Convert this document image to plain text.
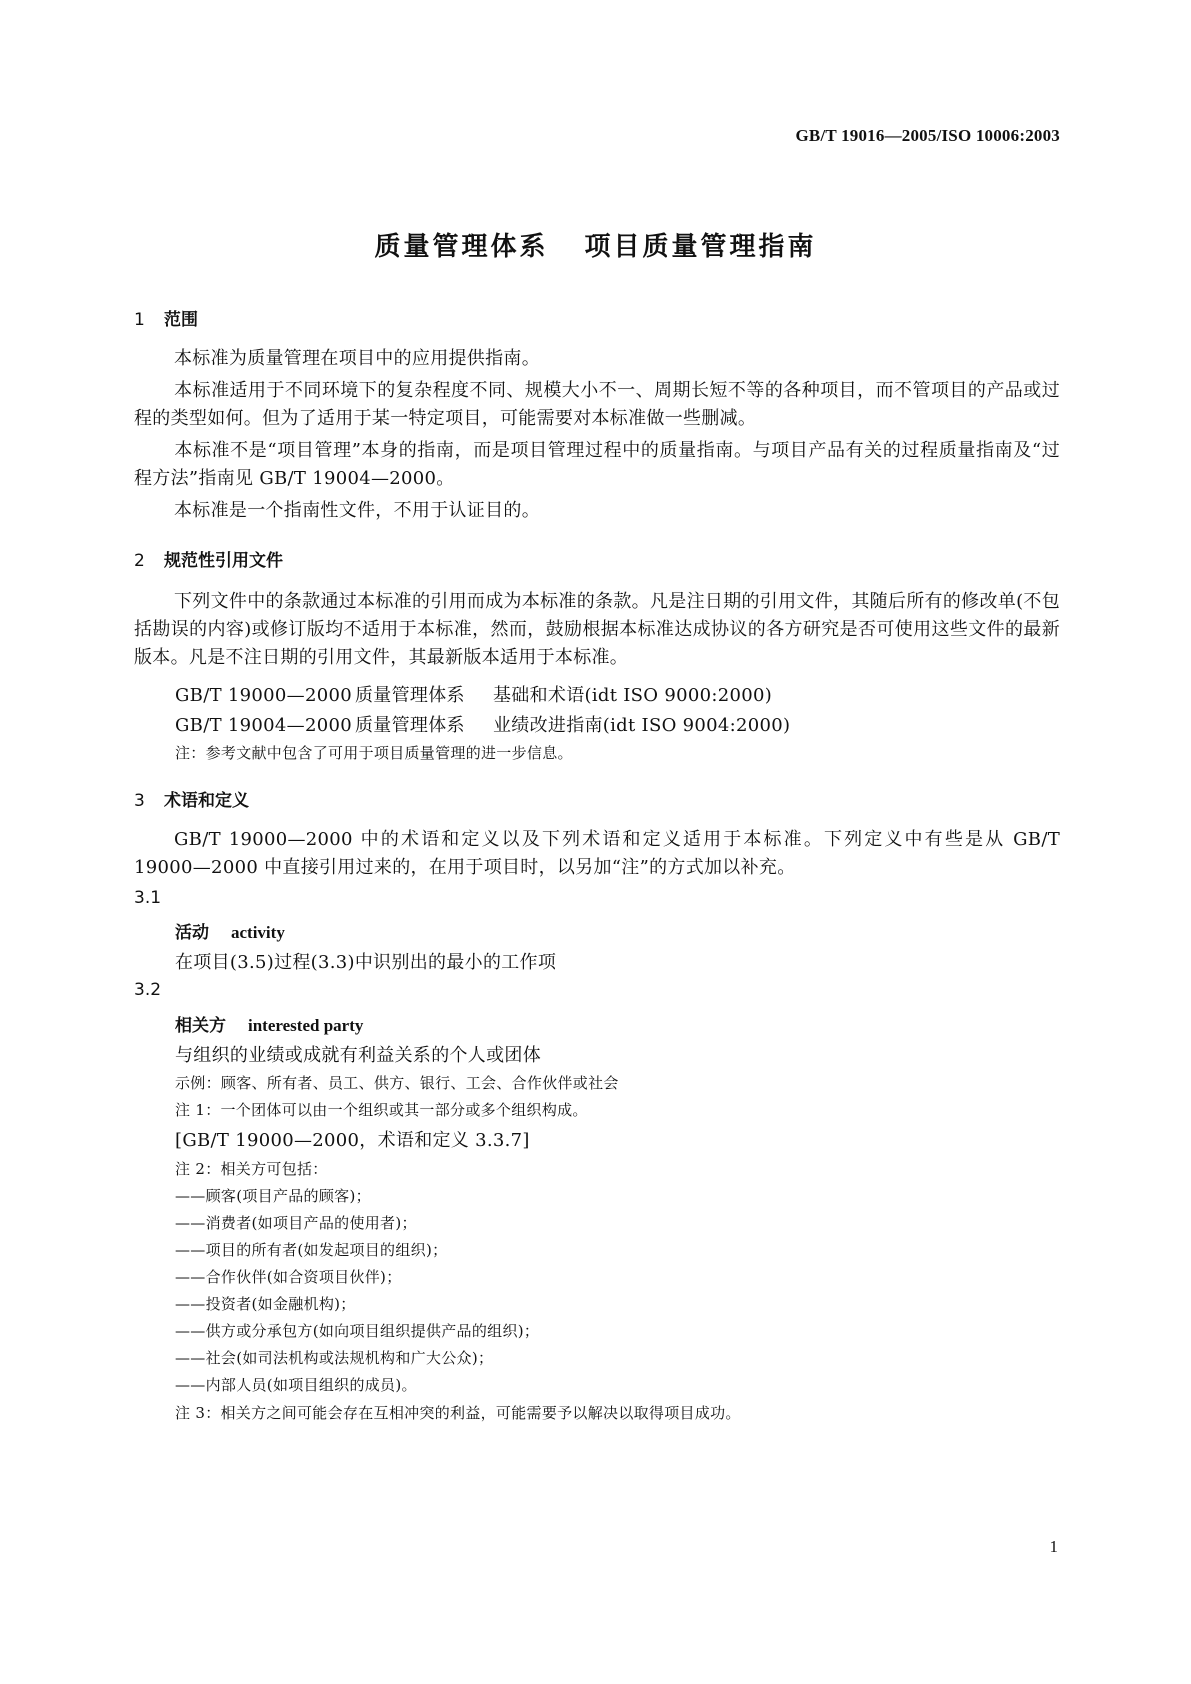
GB/T 19016—2005/ISO 10006:2003
质量管理体系 项目质量管理指南
1 范围
本标准为质量管理在项目中的应用提供指南。
本标准适用于不同环境下的复杂程度不同、规模大小不一、周期长短不等的各种项目，而不管项目的产品或过程的类型如何。但为了适用于某一特定项目，可能需要对本标准做一些删减。
本标准不是“项目管理”本身的指南，而是项目管理过程中的质量指南。与项目产品有关的过程质量指南及“过程方法”指南见 GB/T 19004—2000。
本标准是一个指南性文件，不用于认证目的。
2 规范性引用文件
下列文件中的条款通过本标准的引用而成为本标准的条款。凡是注日期的引用文件，其随后所有的修改单(不包括勘误的内容)或修订版均不适用于本标准，然而，鼓励根据本标准达成协议的各方研究是否可使用这些文件的最新版本。凡是不注日期的引用文件，其最新版本适用于本标准。
GB/T 19000—2000 质量管理体系 基础和术语(idt ISO 9000:2000)
GB/T 19004—2000 质量管理体系 业绩改进指南(idt ISO 9004:2000)
注：参考文献中包含了可用于项目质量管理的进一步信息。
3 术语和定义
GB/T 19000—2000 中的术语和定义以及下列术语和定义适用于本标准。下列定义中有些是从 GB/T 19000—2000 中直接引用过来的，在用于项目时，以另加“注”的方式加以补充。
3.1
活动 activity
在项目(3.5)过程(3.3)中识别出的最小的工作项
3.2
相关方 interested party
与组织的业绩或成就有利益关系的个人或团体
示例：顾客、所有者、员工、供方、银行、工会、合作伙伴或社会
注 1：一个团体可以由一个组织或其一部分或多个组织构成。
[GB/T 19000—2000，术语和定义 3.3.7]
注 2：相关方可包括：
——顾客(项目产品的顾客)；
——消费者(如项目产品的使用者)；
——项目的所有者(如发起项目的组织)；
——合作伙伴(如合资项目伙伴)；
——投资者(如金融机构)；
——供方或分承包方(如向项目组织提供产品的组织)；
——社会(如司法机构或法规机构和广大公众)；
——内部人员(如项目组织的成员)。
注 3：相关方之间可能会存在互相冲突的利益，可能需要予以解决以取得项目成功。
1
